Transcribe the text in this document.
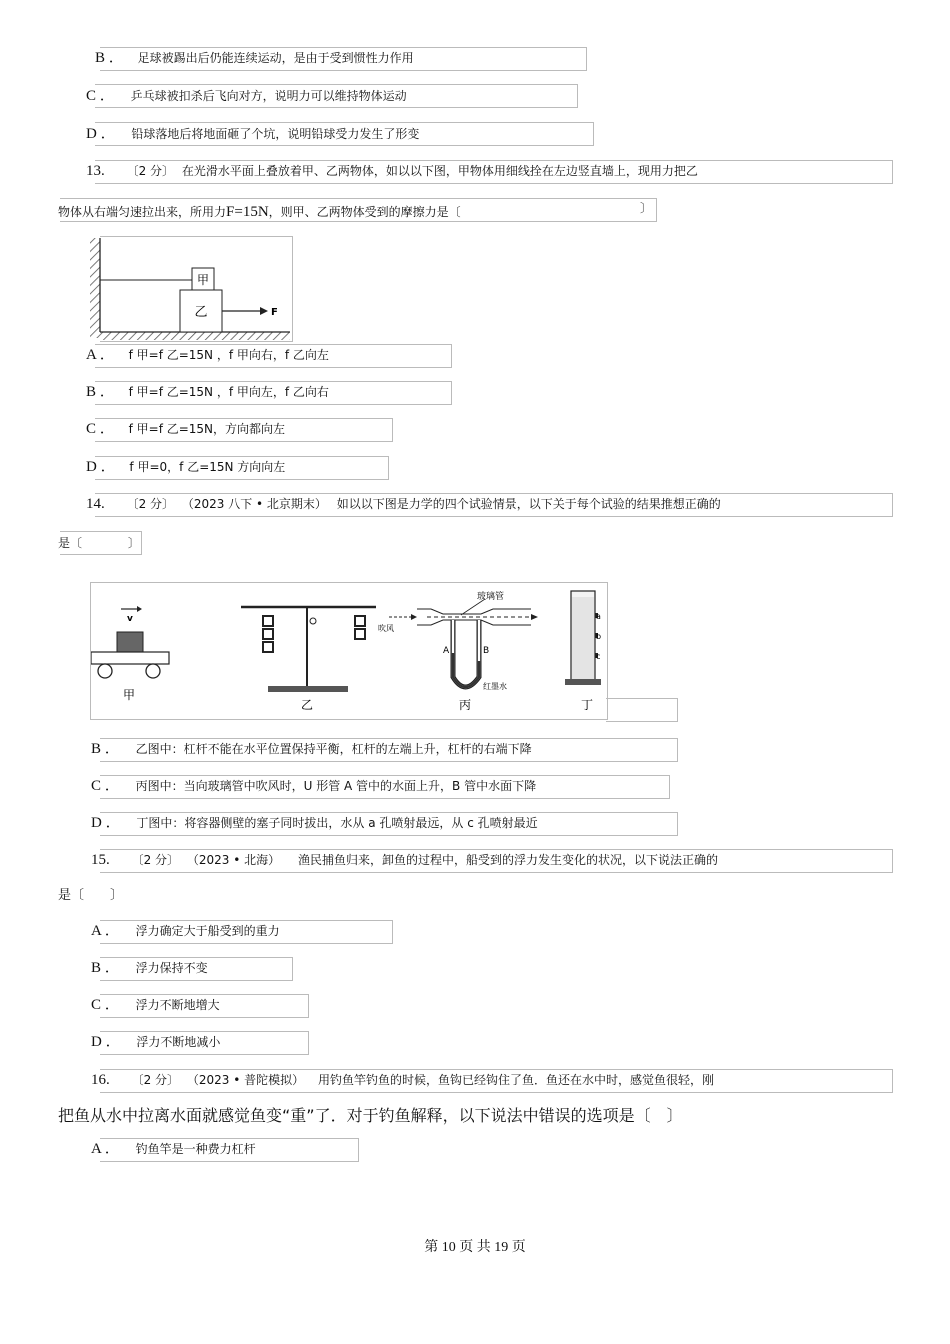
B ． 足球被踢出后仍能连续运动，是由于受到惯性力作用
C ． 乒乓球被扣杀后飞向对方，说明力可以维持物体运动
D ． 铅球落地后将地面砸了个坑，说明铅球受力发生了形变
13. 〔2 分〕 在光滑水平面上叠放着甲、乙两物体，如以以下图，甲物体用细线拴在左边竖直墙上，现用力把乙
物体从右端匀速拉出来，所用力F=15N，则甲、乙两物体受到的摩擦力是〔	〕
甲
乙	F
A ． f 甲=f 乙=15N ，f 甲向右，f 乙向左
B ． f 甲=f 乙=15N ，f 甲向左，f 乙向右
C ． f 甲=f 乙=15N，方向都向左
D ． f 甲=0，f 乙=15N 方向向左
14. 〔2 分〕 （2023 八下 • 北京期末） 如以以下图是力学的四个试验情景，以下关于每个试验的结果推想正确的
是〔	〕
v
甲
乙
吹风
玻璃管
A	B
红墨水
丙
a
b
c
丁
B ． 乙图中：杠杆不能在水平位置保持平衡，杠杆的左端上升，杠杆的右端下降
C ． 丙图中：当向玻璃管中吹风时，U 形管 A 管中的水面上升，B 管中水面下降
D ． 丁图中：将容器侧壁的塞子同时拔出，水从 a 孔喷射最远，从 c 孔喷射最近
15. 〔2 分〕 （2023 • 北海） 渔民捕鱼归来，卸鱼的过程中，船受到的浮力发生变化的状况，以下说法正确的
是〔　　〕
A ． 浮力确定大于船受到的重力
B ． 浮力保持不变
C ． 浮力不断地增大
D ． 浮力不断地减小
16. 〔2 分〕 （2023 • 普陀模拟） 用钓鱼竿钓鱼的时候，鱼钩已经钩住了鱼．鱼还在水中时，感觉鱼很轻，刚
把鱼从水中拉离水面就感觉鱼变“重”了．对于钓鱼解释，以下说法中错误的选项是〔　〕
A ． 钓鱼竿是一种费力杠杆
第 10 页 共 19 页
